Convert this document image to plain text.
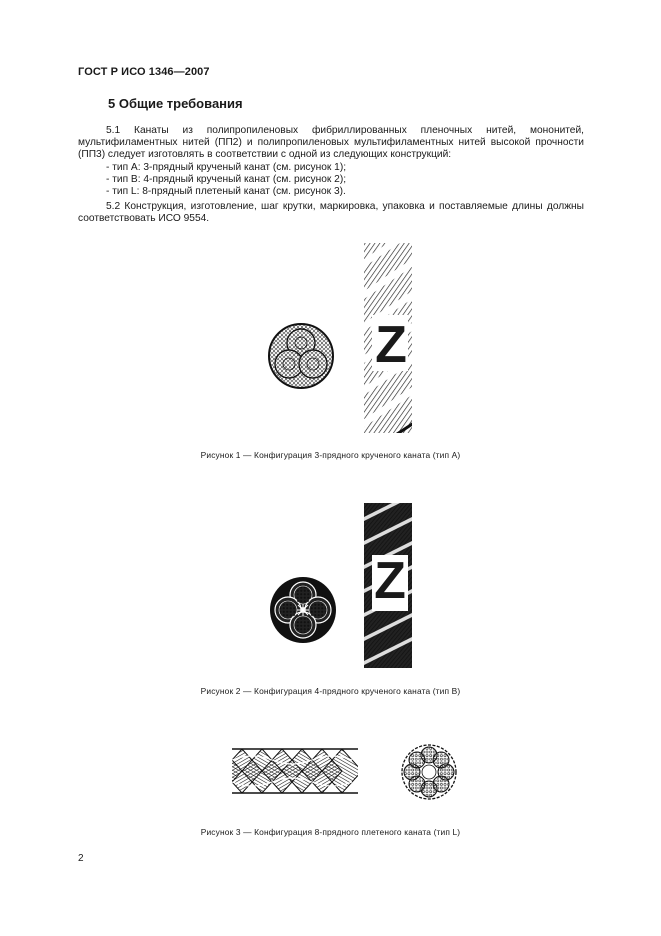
ГОСТ Р ИСО 1346—2007
5 Общие требования
5.1 Канаты из полипропиленовых фибриллированных пленочных нитей, мононитей, мультифиламентных нитей (ПП2) и полипропиленовых мультифиламентных нитей высокой прочности (ПП3) следует изготовлять в соответствии с одной из следующих конструкций:
- тип А: 3-прядный крученый канат (см. рисунок 1);
- тип В: 4-прядный крученый канат (см. рисунок 2);
- тип L: 8-прядный плетеный канат (см. рисунок 3).
5.2 Конструкция, изготовление, шаг крутки, маркировка, упаковка и поставляемые длины должны соответствовать ИСО 9554.
Z
Рисунок 1 — Конфигурация 3-прядного крученого каната (тип А)
Z
Рисунок 2 — Конфигурация 4-прядного крученого каната (тип В)
Рисунок 3 — Конфигурация 8-прядного плетеного каната (тип L)
2
